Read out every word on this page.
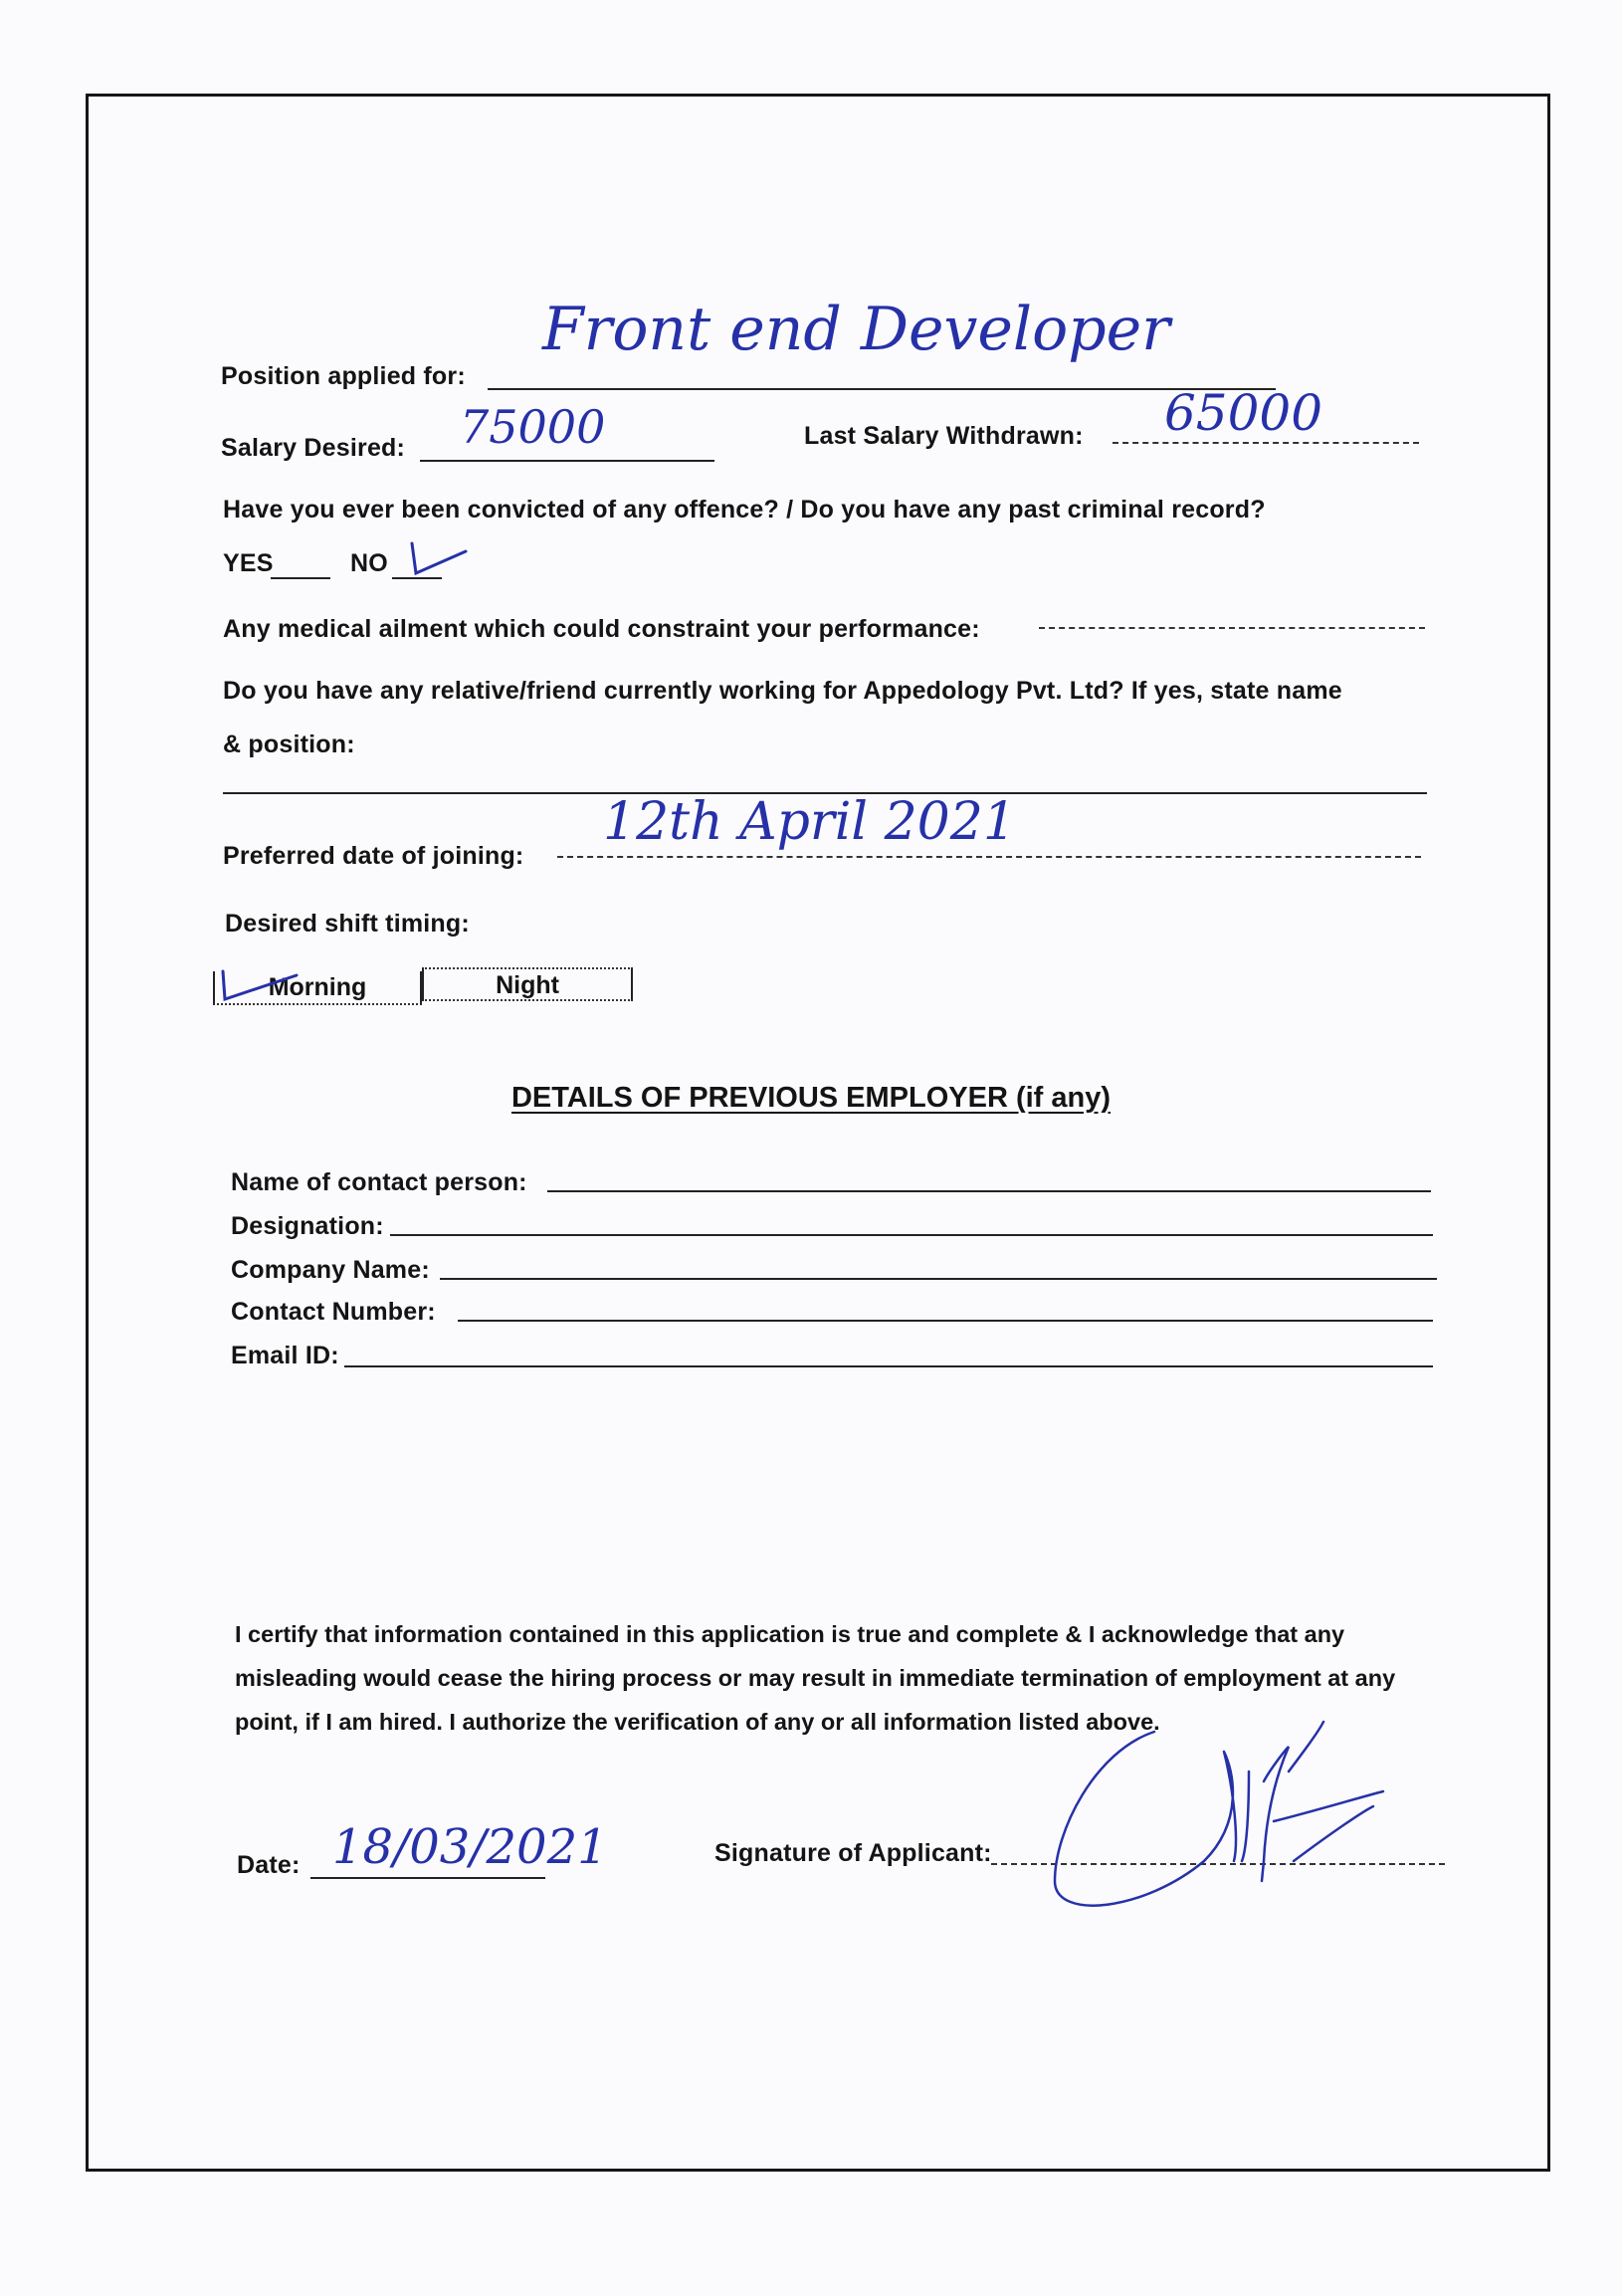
Position applied for:
Front end Developer
Salary Desired: 75000	Last Salary Withdrawn: 65000
Have you ever been convicted of any offence? / Do you have any past criminal record?
YES	NO
Any medical ailment which could constraint your performance:
Do you have any relative/friend currently working for Appedology Pvt. Ltd? If yes, state name
& position:
Preferred date of joining:
12th April 2021
Desired shift timing:
Morning	Night
DETAILS OF PREVIOUS EMPLOYER (if any)
Name of contact person:
Designation:
Company Name:
Contact Number:
Email ID:
I certify that information contained in this application is true and complete & I acknowledge that any misleading would cease the hiring process or may result in immediate termination of employment at any point, if I am hired. I authorize the verification of any or all information listed above.
Date: 18/03/2021	Signature of Applicant:
